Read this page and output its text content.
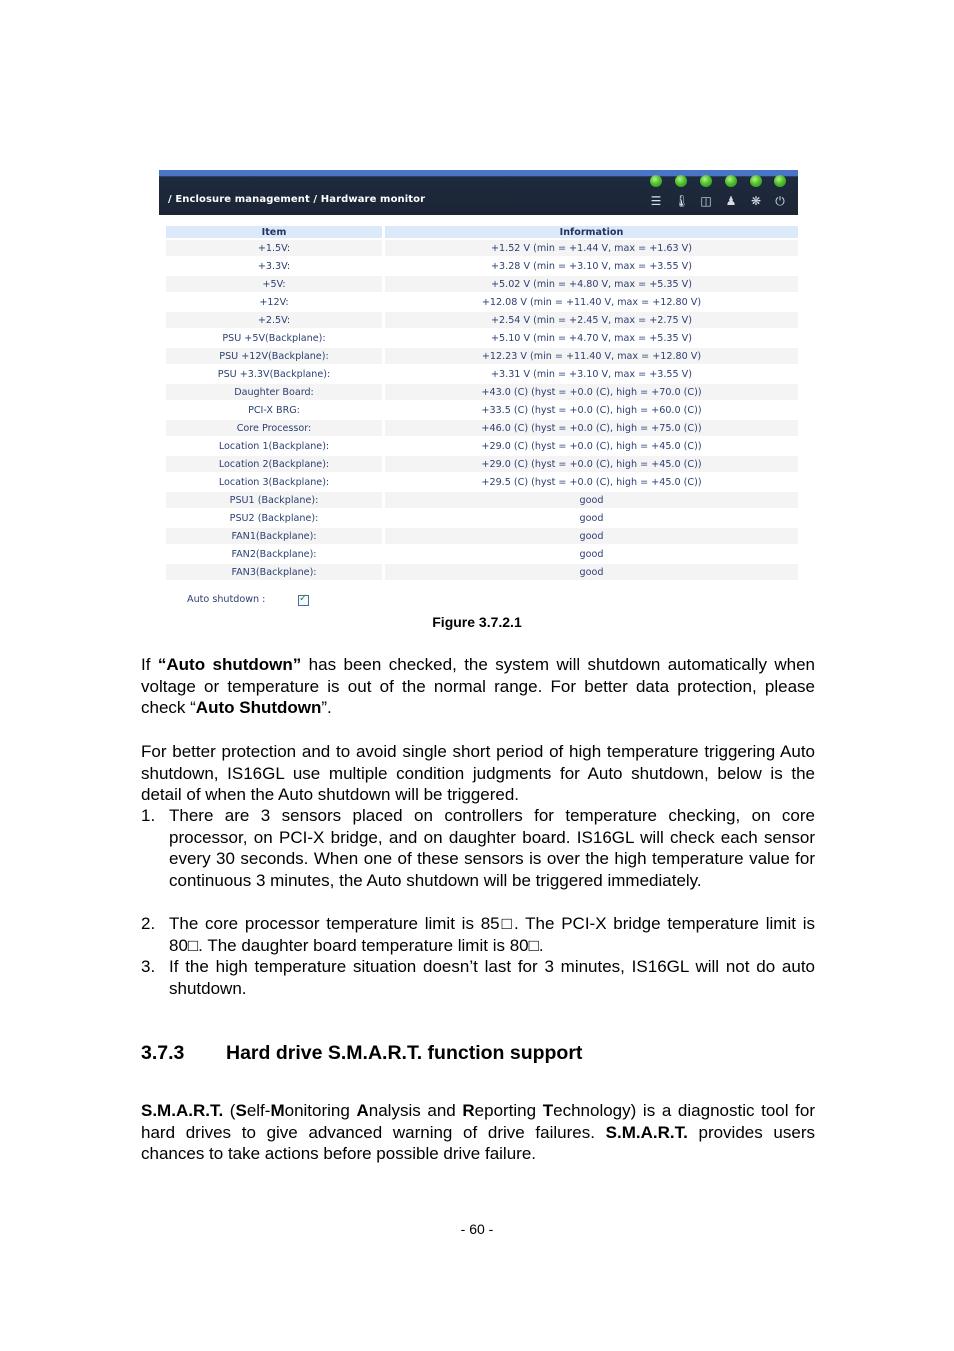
/ Enclosure management / Hardware monitor	☰ 🌡 ◫ ♟ ❋ ⏻
Item		Information
+1.5V:		+1.52 V (min = +1.44 V, max = +1.63 V)
+3.3V:		+3.28 V (min = +3.10 V, max = +3.55 V)
+5V:		+5.02 V (min = +4.80 V, max = +5.35 V)
+12V:		+12.08 V (min = +11.40 V, max = +12.80 V)
+2.5V:		+2.54 V (min = +2.45 V, max = +2.75 V)
PSU +5V(Backplane):		+5.10 V (min = +4.70 V, max = +5.35 V)
PSU +12V(Backplane):		+12.23 V (min = +11.40 V, max = +12.80 V)
PSU +3.3V(Backplane):		+3.31 V (min = +3.10 V, max = +3.55 V)
Daughter Board:		+43.0 (C) (hyst = +0.0 (C), high = +70.0 (C))
PCI-X BRG:		+33.5 (C) (hyst = +0.0 (C), high = +60.0 (C))
Core Processor:		+46.0 (C) (hyst = +0.0 (C), high = +75.0 (C))
Location 1(Backplane):		+29.0 (C) (hyst = +0.0 (C), high = +45.0 (C))
Location 2(Backplane):		+29.0 (C) (hyst = +0.0 (C), high = +45.0 (C))
Location 3(Backplane):		+29.5 (C) (hyst = +0.0 (C), high = +45.0 (C))
PSU1 (Backplane):		good
PSU2 (Backplane):		good
FAN1(Backplane):		good
FAN2(Backplane):		good
FAN3(Backplane):		good
Auto shutdown :	✓
Figure 3.7.2.1
If “Auto shutdown” has been checked, the system will shutdown automatically when voltage or temperature is out of the normal range. For better data protection, please check “Auto Shutdown”.
For better protection and to avoid single short period of high temperature triggering Auto shutdown, IS16GL use multiple condition judgments for Auto shutdown, below is the detail of when the Auto shutdown will be triggered.
1. There are 3 sensors placed on controllers for temperature checking, on core processor, on PCI-X bridge, and on daughter board. IS16GL will check each sensor every 30 seconds. When one of these sensors is over the high temperature value for continuous 3 minutes, the Auto shutdown will be triggered immediately.
2. The core processor temperature limit is 85□. The PCI-X bridge temperature limit is 80□. The daughter board temperature limit is 80□.
3. If the high temperature situation doesn’t last for 3 minutes, IS16GL will not do auto shutdown.
3.7.3 Hard drive S.M.A.R.T. function support
S.M.A.R.T. (Self-Monitoring Analysis and Reporting Technology) is a diagnostic tool for hard drives to give advanced warning of drive failures. S.M.A.R.T. provides users chances to take actions before possible drive failure.
- 60 -
